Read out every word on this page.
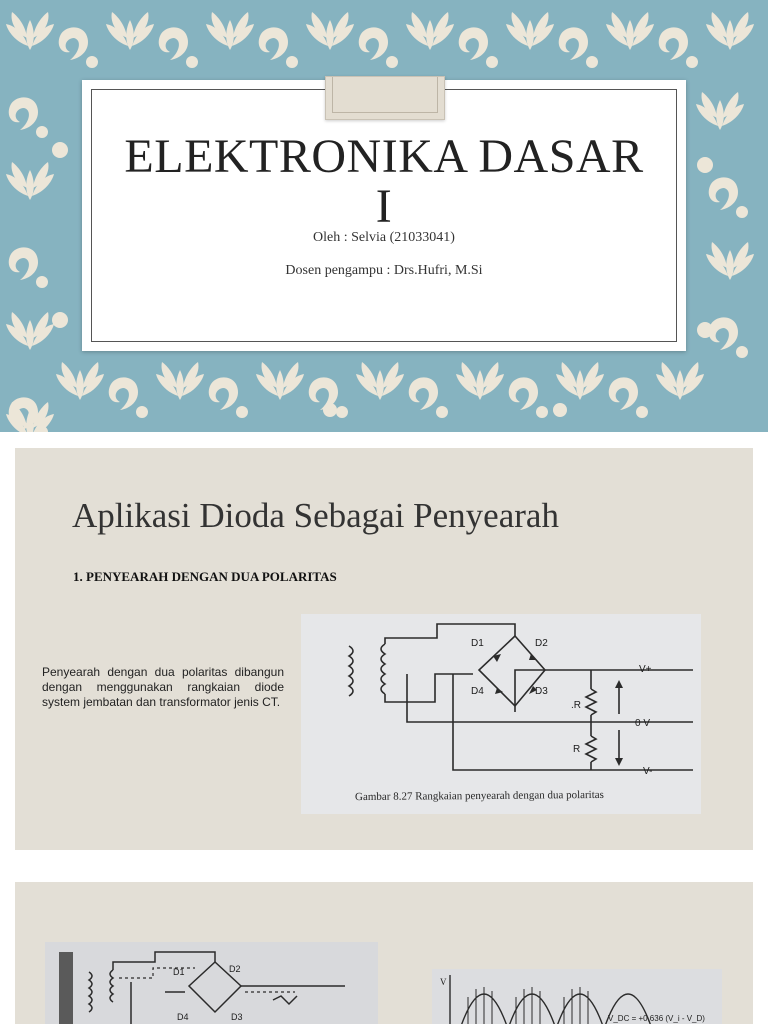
ELEKTRONIKA DASAR
I
Oleh : Selvia (21033041)
Dosen pengampu : Drs.Hufri, M.Si
Aplikasi Dioda Sebagai Penyearah
1. PENYEARAH DENGAN DUA POLARITAS

Penyearah dengan dua polaritas dibangun dengan menggunakan rangkaian diode system jembatan dan transformator jenis CT.

D1	D2
D4	D3
V+
0 V
V-
.R
R
Gambar 8.27 Rangkaian penyearah dengan dua polaritas
D1	D2
D4	D3
V
V_DC = +0,636 (V_i - V_D)
